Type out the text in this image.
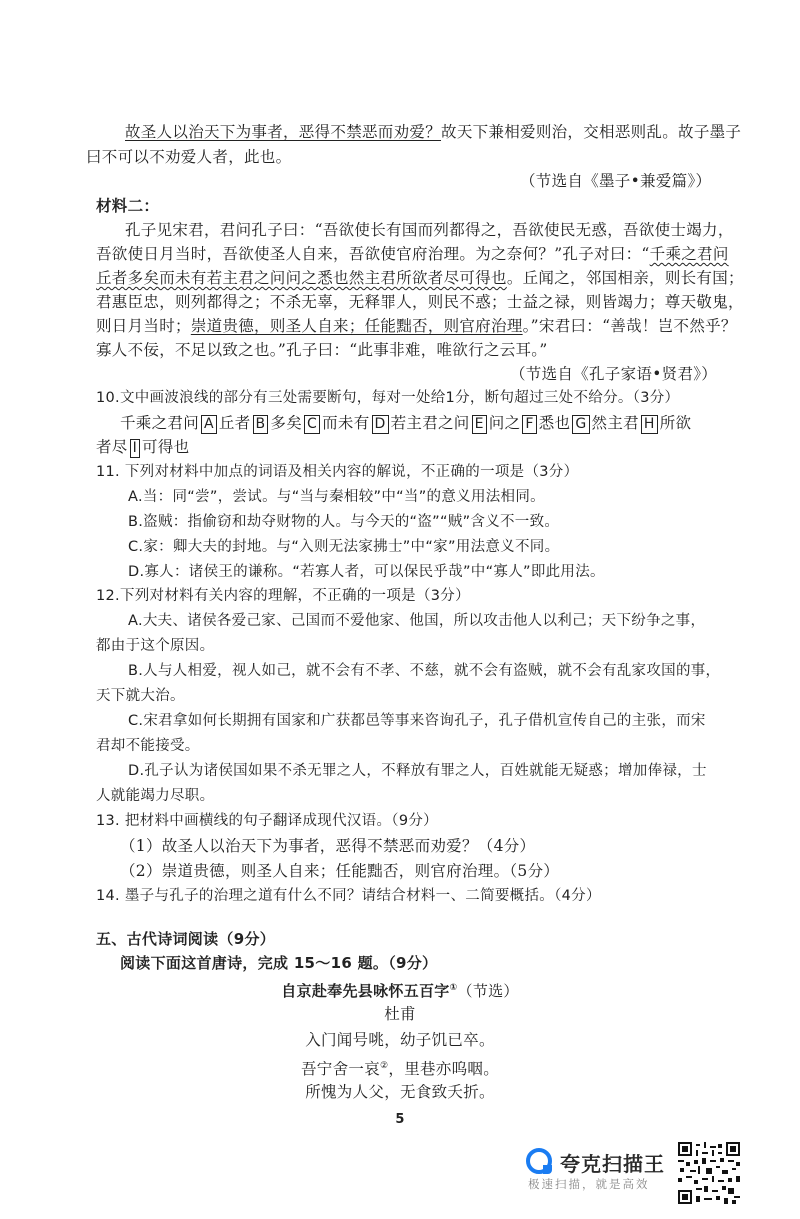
故圣人以治天下为事者，恶得不禁恶而劝爱？故天下兼相爱则治，交相恶则乱。故子墨子
曰不可以不劝爱人者，此也。
（节选自《墨子•兼爱篇》）
材料二：
孔子见宋君，君问孔子曰：“吾欲使长有国而列都得之，吾欲使民无惑，吾欲使士竭力，
吾欲使日月当时，吾欲使圣人自来，吾欲使官府治理。为之奈何？”孔子对曰：“千乘之君问
丘者多矣而未有若主君之问问之悉也然主君所欲者尽可得也。丘闻之，邻国相亲，则长有国；
君惠臣忠，则列都得之；不杀无辜，无释罪人，则民不惑；士益之禄，则皆竭力；尊天敬鬼，
则日月当时；崇道贵德，则圣人自来；任能黜否，则官府治理。”宋君曰：“善哉！岂不然乎？
寡人不佞，不足以致之也。”孔子曰：“此事非难，唯欲行之云耳。”
（节选自《孔子家语•贤君》）
10.文中画波浪线的部分有三处需要断句，每对一处给1分，断句超过三处不给分。（3分）
千乘之君问 A 丘者 B 多矣 C 而未有 D 若主君之问 E 问之 F 悉也 G 然主君 H 所欲
者尽 I 可得也
11. 下列对材料中加点的词语及相关内容的解说，不正确的一项是（3分）
A.当：同“尝”，尝试。与“当与秦相较”中“当”的意义用法相同。
B.盗贼：指偷窃和劫夺财物的人。与今天的“盗”“贼”含义不一致。
C.家：卿大夫的封地。与“入则无法家拂士”中“家”用法意义不同。
D.寡人：诸侯王的谦称。“若寡人者，可以保民乎哉”中“寡人”即此用法。
12.下列对材料有关内容的理解，不正确的一项是（3分）
A.大夫、诸侯各爱己家、己国而不爱他家、他国，所以攻击他人以利己；天下纷争之事，
都由于这个原因。
B.人与人相爱，视人如己，就不会有不孝、不慈，就不会有盗贼，就不会有乱家攻国的事，
天下就大治。
C.宋君拿如何长期拥有国家和广获都邑等事来咨询孔子，孔子借机宣传自己的主张，而宋
君却不能接受。
D.孔子认为诸侯国如果不杀无罪之人，不释放有罪之人，百姓就能无疑惑；增加俸禄，士
人就能竭力尽职。
13. 把材料中画横线的句子翻译成现代汉语。（9分）
（1）故圣人以治天下为事者，恶得不禁恶而劝爱？（4分）
（2）崇道贵德，则圣人自来；任能黜否，则官府治理。（5分）
14. 墨子与孔子的治理之道有什么不同？请结合材料一、二简要概括。（4分）
五、古代诗词阅读（9分）
阅读下面这首唐诗，完成 15～16 题。（9分）
自京赴奉先县咏怀五百字①（节选）
杜甫
入门闻号咷，幼子饥已卒。
吾宁舍一哀②，里巷亦呜咽。
所愧为人父，无食致夭折。
5
夸克扫描王
极速扫描，就是高效
